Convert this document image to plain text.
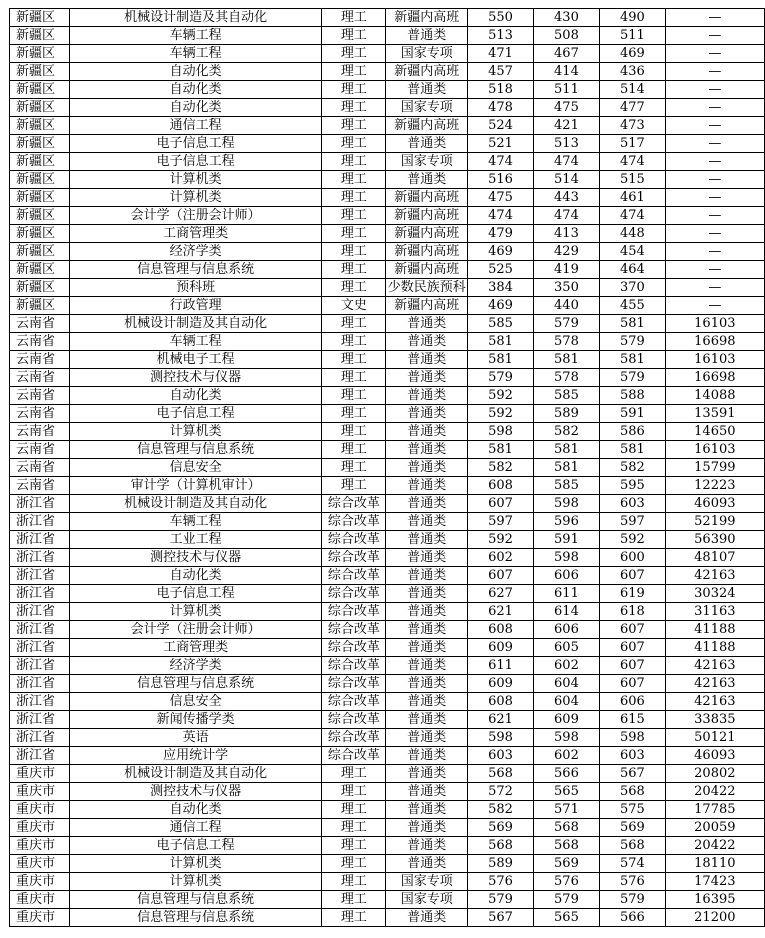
新疆区	机械设计制造及其自动化	理工	新疆内高班	550	430	490	—
新疆区	车辆工程	理工	普通类	513	508	511	—
新疆区	车辆工程	理工	国家专项	471	467	469	—
新疆区	自动化类	理工	新疆内高班	457	414	436	—
新疆区	自动化类	理工	普通类	518	511	514	—
新疆区	自动化类	理工	国家专项	478	475	477	—
新疆区	通信工程	理工	新疆内高班	524	421	473	—
新疆区	电子信息工程	理工	普通类	521	513	517	—
新疆区	电子信息工程	理工	国家专项	474	474	474	—
新疆区	计算机类	理工	普通类	516	514	515	—
新疆区	计算机类	理工	新疆内高班	475	443	461	—
新疆区	会计学（注册会计师）	理工	新疆内高班	474	474	474	—
新疆区	工商管理类	理工	新疆内高班	479	413	448	—
新疆区	经济学类	理工	新疆内高班	469	429	454	—
新疆区	信息管理与信息系统	理工	新疆内高班	525	419	464	—
新疆区	预科班	理工	少数民族预科	384	350	370	—
新疆区	行政管理	文史	新疆内高班	469	440	455	—
云南省	机械设计制造及其自动化	理工	普通类	585	579	581	16103
云南省	车辆工程	理工	普通类	581	578	579	16698
云南省	机械电子工程	理工	普通类	581	581	581	16103
云南省	测控技术与仪器	理工	普通类	579	578	579	16698
云南省	自动化类	理工	普通类	592	585	588	14088
云南省	电子信息工程	理工	普通类	592	589	591	13591
云南省	计算机类	理工	普通类	598	582	586	14650
云南省	信息管理与信息系统	理工	普通类	581	581	581	16103
云南省	信息安全	理工	普通类	582	581	582	15799
云南省	审计学（计算机审计）	理工	普通类	608	585	595	12223
浙江省	机械设计制造及其自动化	综合改革	普通类	607	598	603	46093
浙江省	车辆工程	综合改革	普通类	597	596	597	52199
浙江省	工业工程	综合改革	普通类	592	591	592	56390
浙江省	测控技术与仪器	综合改革	普通类	602	598	600	48107
浙江省	自动化类	综合改革	普通类	607	606	607	42163
浙江省	电子信息工程	综合改革	普通类	627	611	619	30324
浙江省	计算机类	综合改革	普通类	621	614	618	31163
浙江省	会计学（注册会计师）	综合改革	普通类	608	606	607	41188
浙江省	工商管理类	综合改革	普通类	609	605	607	41188
浙江省	经济学类	综合改革	普通类	611	602	607	42163
浙江省	信息管理与信息系统	综合改革	普通类	609	604	607	42163
浙江省	信息安全	综合改革	普通类	608	604	606	42163
浙江省	新闻传播学类	综合改革	普通类	621	609	615	33835
浙江省	英语	综合改革	普通类	598	598	598	50121
浙江省	应用统计学	综合改革	普通类	603	602	603	46093
重庆市	机械设计制造及其自动化	理工	普通类	568	566	567	20802
重庆市	测控技术与仪器	理工	普通类	572	565	568	20422
重庆市	自动化类	理工	普通类	582	571	575	17785
重庆市	通信工程	理工	普通类	569	568	569	20059
重庆市	电子信息工程	理工	普通类	568	568	568	20422
重庆市	计算机类	理工	普通类	589	569	574	18110
重庆市	计算机类	理工	国家专项	576	576	576	17423
重庆市	信息管理与信息系统	理工	国家专项	579	579	579	16395
重庆市	信息管理与信息系统	理工	普通类	567	565	566	21200
